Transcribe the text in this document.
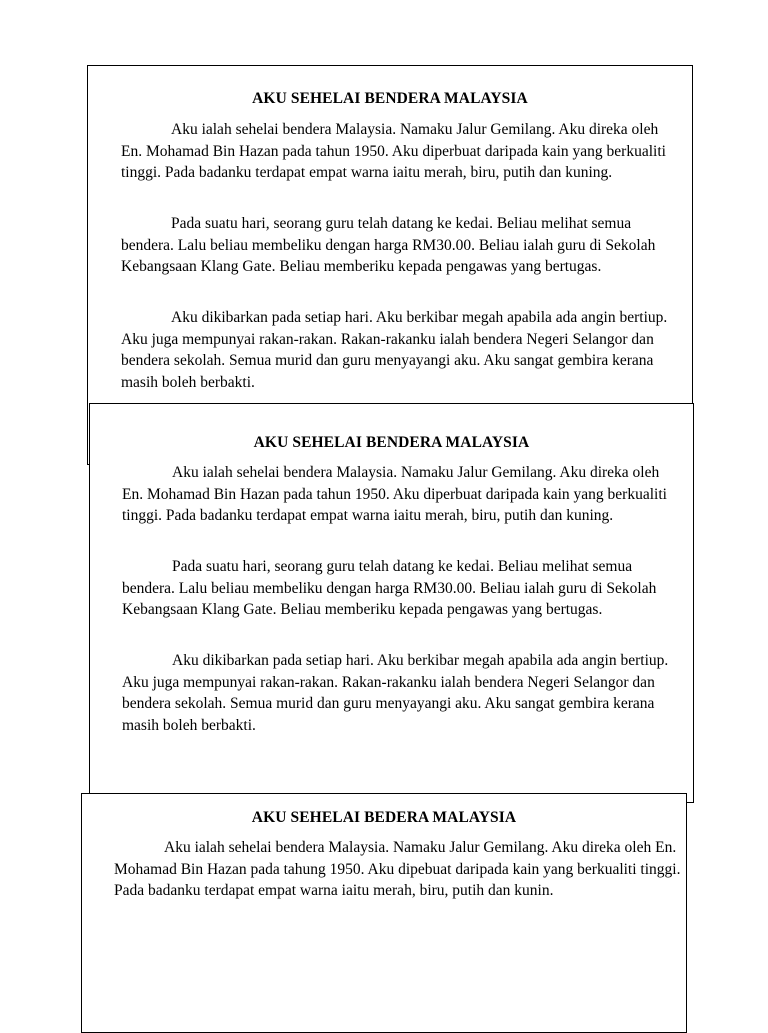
AKU SEHELAI BENDERA MALAYSIA

Aku ialah sehelai bendera Malaysia. Namaku Jalur Gemilang. Aku direka oleh En. Mohamad Bin Hazan pada tahun 1950. Aku diperbuat daripada kain yang berkualiti tinggi. Pada badanku terdapat empat warna iaitu merah, biru, putih dan kuning.

Pada suatu hari, seorang guru telah datang ke kedai. Beliau melihat semua bendera. Lalu beliau membeliku dengan harga RM30.00. Beliau ialah guru di Sekolah Kebangsaan Klang Gate. Beliau memberiku kepada pengawas yang bertugas.

Aku dikibarkan pada setiap hari. Aku berkibar megah apabila ada angin bertiup. Aku juga mempunyai rakan-rakan. Rakan-rakanku ialah bendera Negeri Selangor dan bendera sekolah. Semua murid dan guru menyayangi aku. Aku sangat gembira kerana masih boleh berbakti.

AKU SEHELAI BENDERA MALAYSIA

Aku ialah sehelai bendera Malaysia. Namaku Jalur Gemilang. Aku direka oleh En. Mohamad Bin Hazan pada tahun 1950. Aku diperbuat daripada kain yang berkualiti tinggi. Pada badanku terdapat empat warna iaitu merah, biru, putih dan kuning.

Pada suatu hari, seorang guru telah datang ke kedai. Beliau melihat semua bendera. Lalu beliau membeliku dengan harga RM30.00. Beliau ialah guru di Sekolah Kebangsaan Klang Gate. Beliau memberiku kepada pengawas yang bertugas.

Aku dikibarkan pada setiap hari. Aku berkibar megah apabila ada angin bertiup. Aku juga mempunyai rakan-rakan. Rakan-rakanku ialah bendera Negeri Selangor dan bendera sekolah. Semua murid dan guru menyayangi aku. Aku sangat gembira kerana masih boleh berbakti.

AKU SEHELAI BEDERA MALAYSIA

Aku ialah sehelai bendera Malaysia. Namaku Jalur Gemilang. Aku direka oleh En. Mohamad Bin Hazan pada tahung 1950. Aku dipebuat daripada kain yang berkualiti tinggi. Pada badanku terdapat empat warna iaitu merah, biru, putih dan kunin.
